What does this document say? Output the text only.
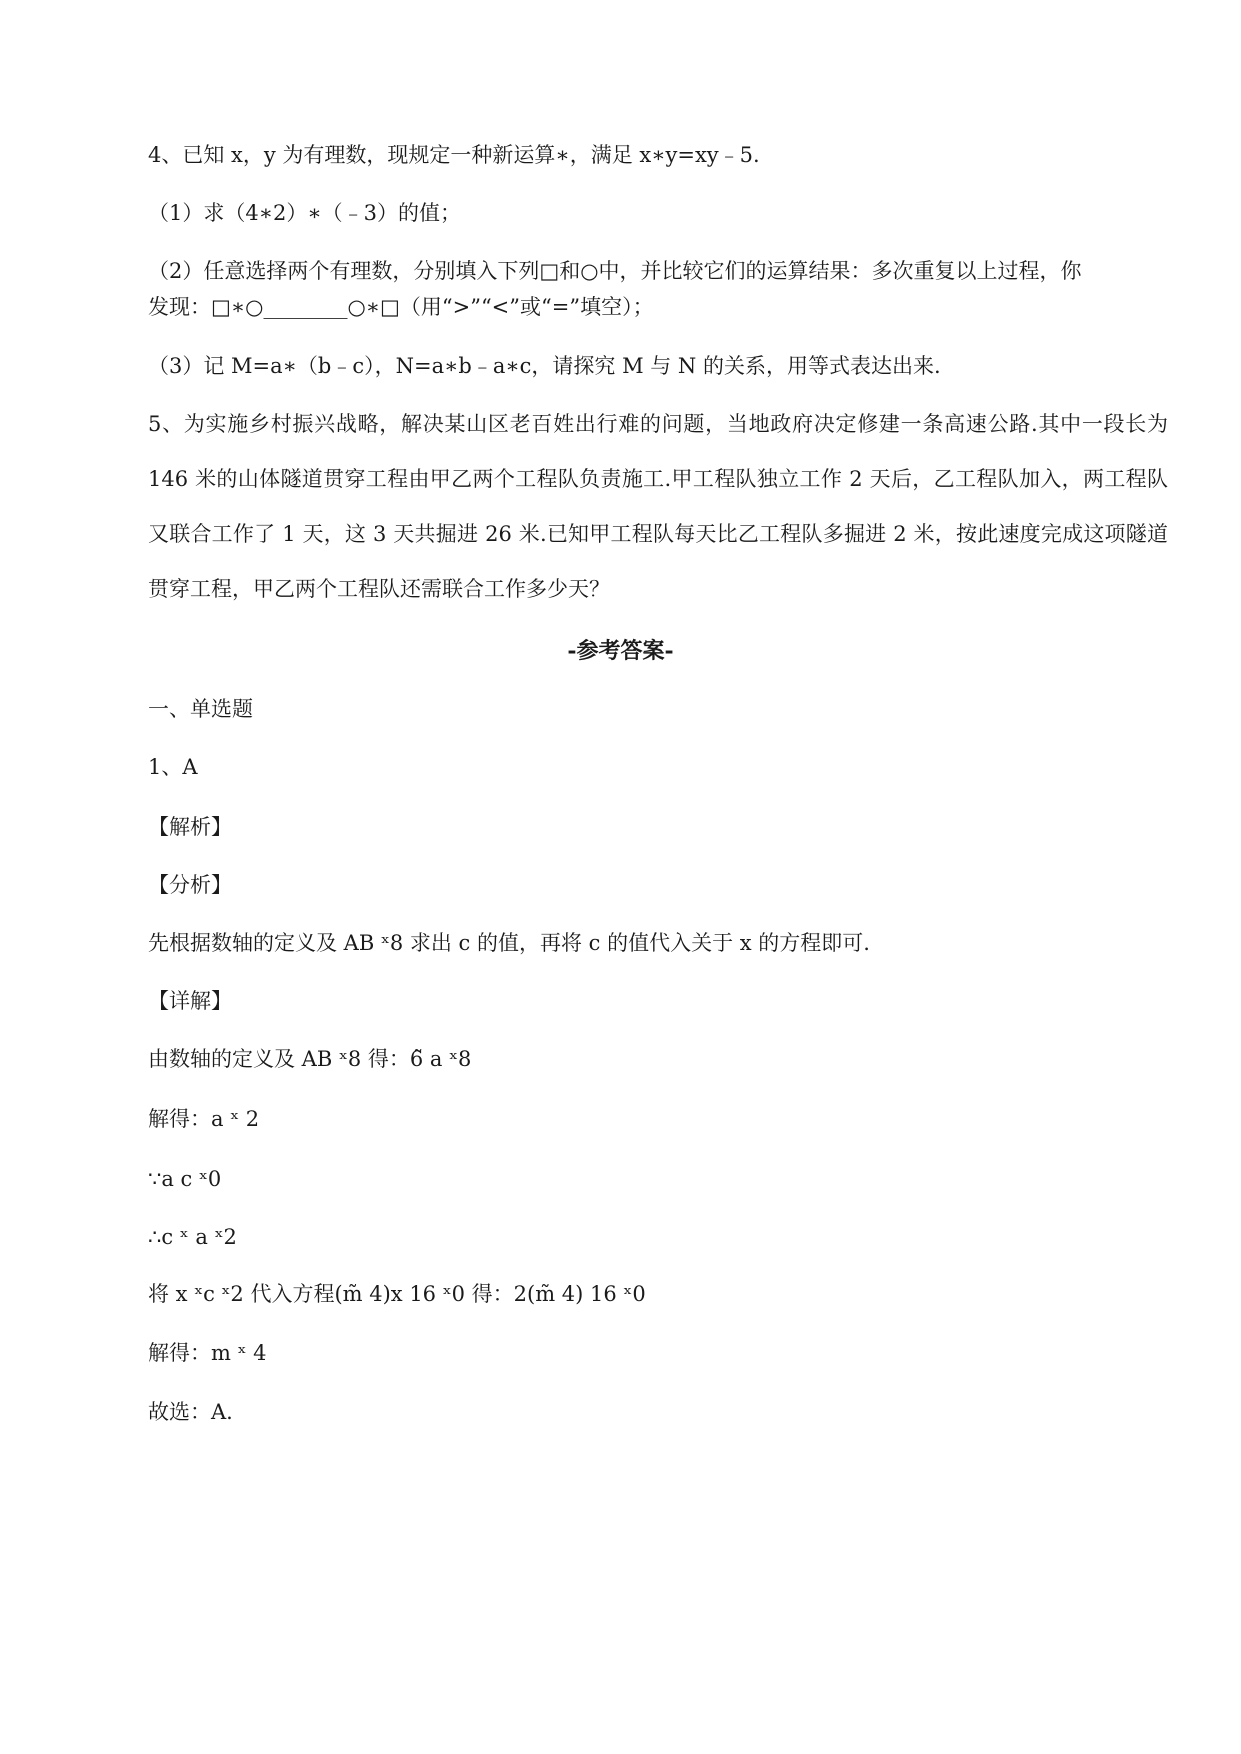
4、已知 x，y 为有理数，现规定一种新运算∗，满足 x∗y=xy﹣5.
（1）求（4∗2）∗（﹣3）的值；
（2）任意选择两个有理数，分别填入下列□和○中，并比较它们的运算结果：多次重复以上过程，你
发现：□∗○________○∗□（用“>”“<”或“=”填空）；
（3）记 M=a∗（b﹣c），N=a∗b﹣a∗c，请探究 M 与 N 的关系，用等式表达出来.
5、为实施乡村振兴战略，解决某山区老百姓出行难的问题，当地政府决定修建一条高速公路.其中一段长为 146 米的山体隧道贯穿工程由甲乙两个工程队负责施工.甲工程队独立工作 2 天后，乙工程队加入，两工程队又联合工作了 1 天，这 3 天共掘进 26 米.已知甲工程队每天比乙工程队多掘进 2 米，按此速度完成这项隧道贯穿工程，甲乙两个工程队还需联合工作多少天？
-参考答案-
一、单选题
1、A
【解析】
【分析】
先根据数轴的定义及 AB ˣ8 求出 c 的值，再将 c 的值代入关于 x 的方程即可.
【详解】
由数轴的定义及 AB ˣ8 得：6̃ a ˣ8
解得：a ˣ 2
∵a c ˣ0
∴c ˣ a ˣ2
将 x ˣc ˣ2 代入方程(m̃ 4)x 16 ˣ0 得：2(m̃ 4) 16 ˣ0
解得：m ˣ 4
故选：A.
